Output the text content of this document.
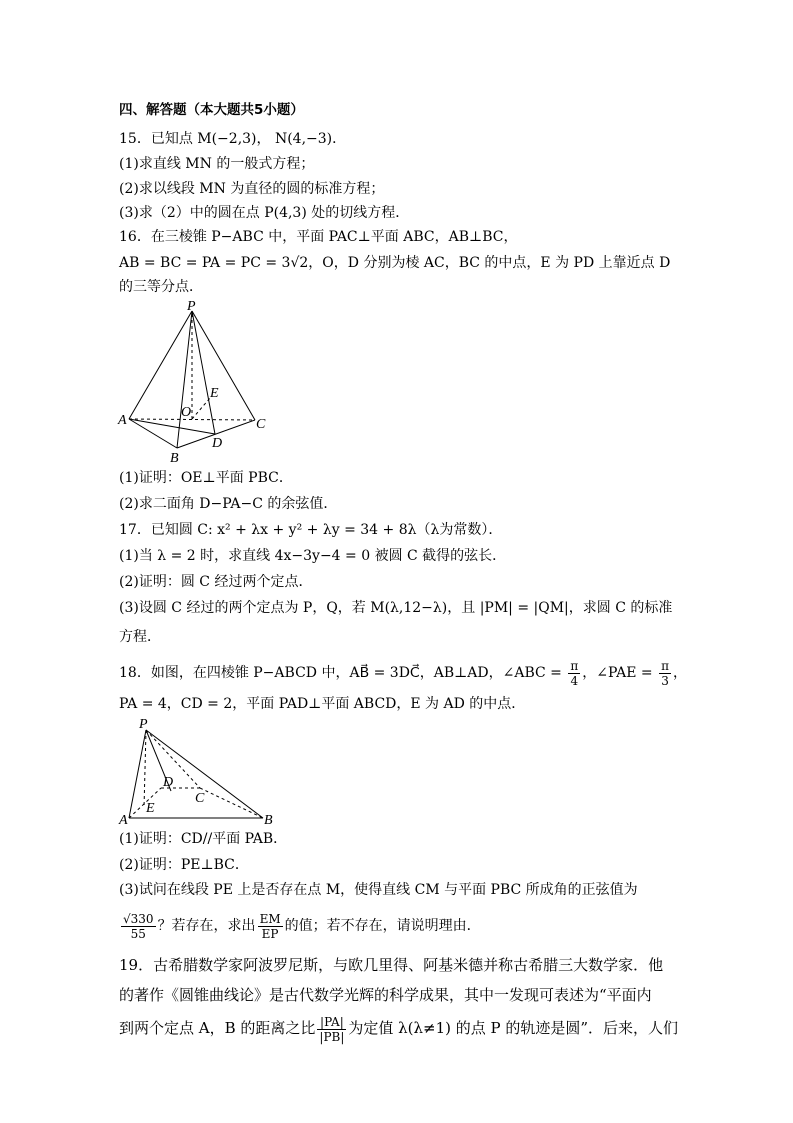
四、解答题（本大题共5小题）
15．已知点 M(−2,3)， N(4,−3)．
(1)求直线 MN 的一般式方程；
(2)求以线段 MN 为直径的圆的标准方程；
(3)求（2）中的圆在点 P(4,3) 处的切线方程．
16．在三棱锥 P−ABC 中，平面 PAC⊥平面 ABC，AB⊥BC，
AB = BC = PA = PC = 3√2，O，D 分别为棱 AC，BC 的中点，E 为 PD 上靠近点 D
的三等分点．
P
A
B
C
D
E
O
(1)证明：OE⊥平面 PBC．
(2)求二面角 D−PA−C 的余弦值．
17．已知圆 C: x² + λx + y² + λy = 34 + 8λ（λ为常数）．
(1)当 λ = 2 时，求直线 4x−3y−4 = 0 被圆 C 截得的弦长．
(2)证明：圆 C 经过两个定点．
(3)设圆 C 经过的两个定点为 P，Q，若 M(λ,12−λ)，且 |PM| = |QM|，求圆 C 的标准
方程．
18．如图，在四棱锥 P−ABCD 中，AB⃗ = 3DC⃗，AB⊥AD，∠ABC = $\frac{\pi}{4}$ ，∠PAE = $\frac{\pi}{3}$ ，
PA = 4，CD = 2，平面 PAD⊥平面 ABCD，E 为 AD 的中点．
P
A	B
C
D
E
(1)证明：CD//平面 PAB．
(2)证明：PE⊥BC．
(3)试问在线段 PE 上是否存在点 M，使得直线 CM 与平面 PBC 所成角的正弦值为
$\frac{√330}{55}$ ？若存在，求出 $\frac{EM}{EP}$ 的值；若不存在，请说明理由．
19．古希腊数学家阿波罗尼斯，与欧几里得、阿基米德并称古希腊三大数学家．他
的著作《圆锥曲线论》是古代数学光辉的科学成果，其中一发现可表述为“平面内
到两个定点 A，B 的距离之比 $\frac{|PA|}{|PB|}$ 为定值 λ(λ≠1) 的点 P 的轨迹是圆”．后来，人们
